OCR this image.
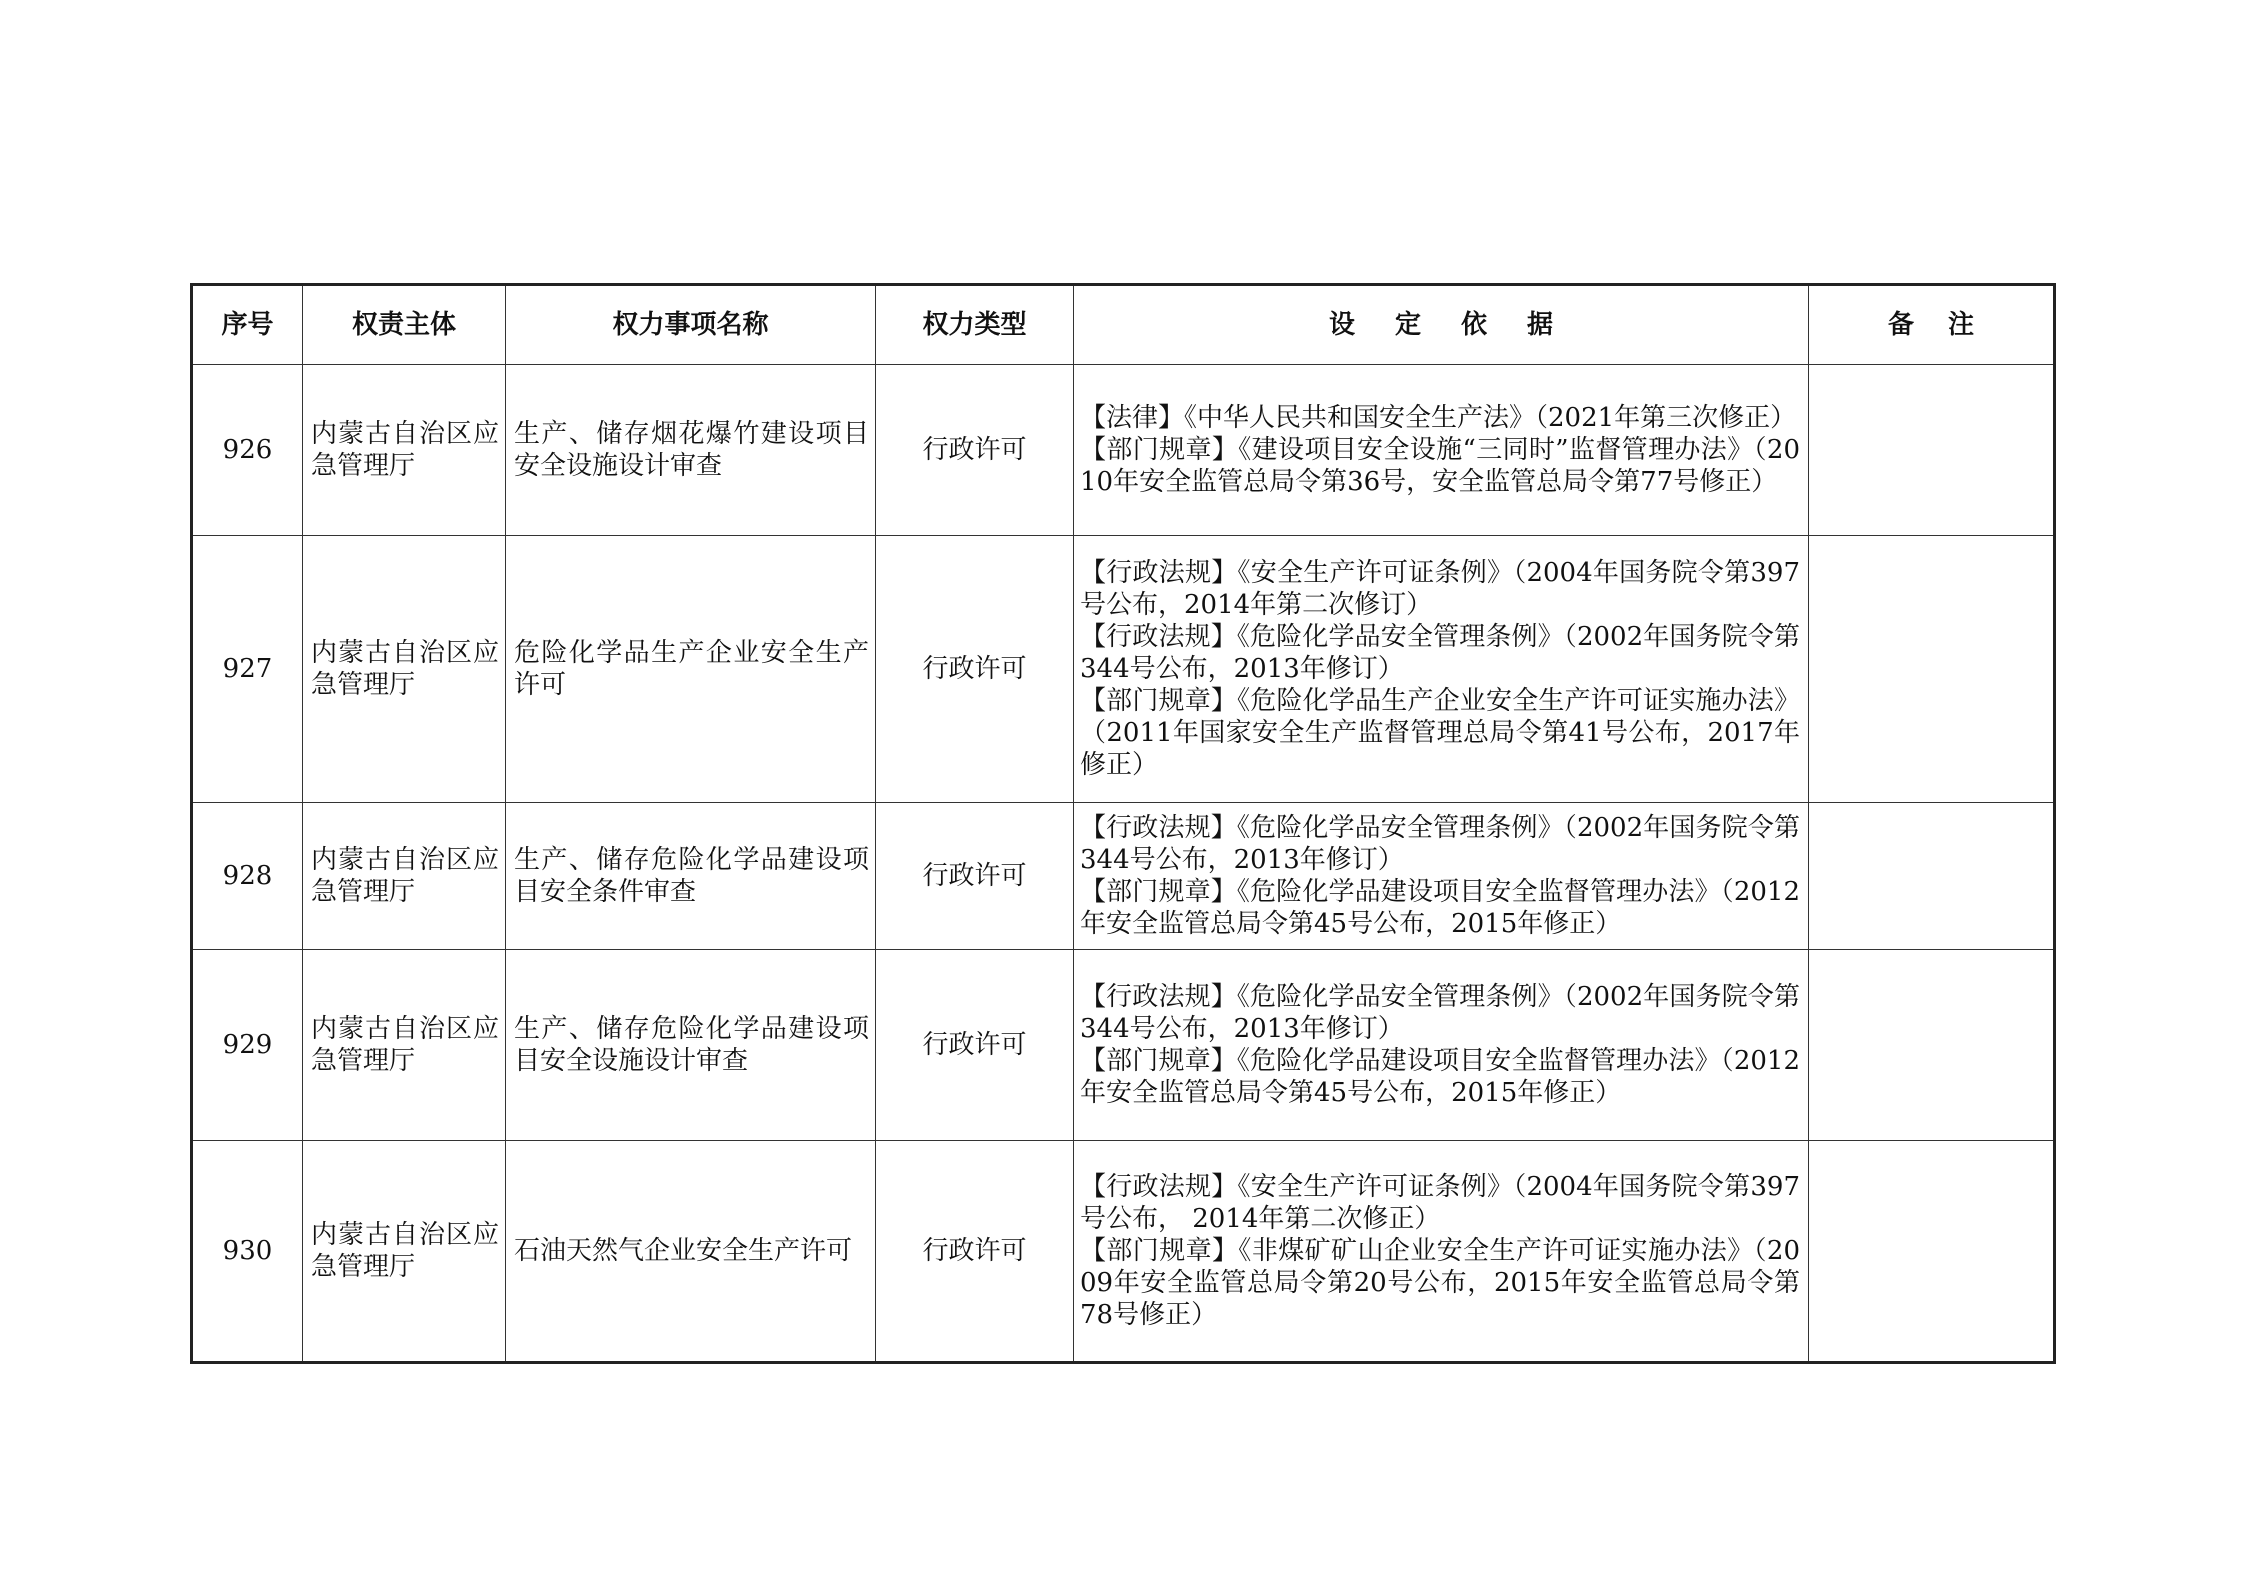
序号	权责主体	权力事项名称	权力类型	设定依据	备注
926	内蒙古自治区应急管理厅	生产、储存烟花爆竹建设项目安全设施设计审查	行政许可	【法律】《中华人民共和国安全生产法》（2021年第三次修正）
【部门规章】《建设项目安全设施“三同时”监督管理办法》（2010年安全监管总局令第36号，安全监管总局令第77号修正）	

927	内蒙古自治区应急管理厅	危险化学品生产企业安全生产许可	行政许可	【行政法规】《安全生产许可证条例》（2004年国务院令第397号公布，2014年第二次修订）
【行政法规】《危险化学品安全管理条例》（2002年国务院令第344号公布，2013年修订）
【部门规章】《危险化学品生产企业安全生产许可证实施办法》（2011年国家安全生产监督管理总局令第41号公布，2017年修正）	

928	内蒙古自治区应急管理厅	生产、储存危险化学品建设项目安全条件审查	行政许可	【行政法规】《危险化学品安全管理条例》（2002年国务院令第344号公布，2013年修订）
【部门规章】《危险化学品建设项目安全监督管理办法》（2012年安全监管总局令第45号公布，2015年修正）	

929	内蒙古自治区应急管理厅	生产、储存危险化学品建设项目安全设施设计审查	行政许可	【行政法规】《危险化学品安全管理条例》（2002年国务院令第344号公布，2013年修订）
【部门规章】《危险化学品建设项目安全监督管理办法》（2012年安全监管总局令第45号公布，2015年修正）	

930	内蒙古自治区应急管理厅	石油天然气企业安全生产许可	行政许可	【行政法规】《安全生产许可证条例》（2004年国务院令第397号公布， 2014年第二次修正）
【部门规章】《非煤矿矿山企业安全生产许可证实施办法》（2009年安全监管总局令第20号公布，2015年安全监管总局令第78号修正）	
